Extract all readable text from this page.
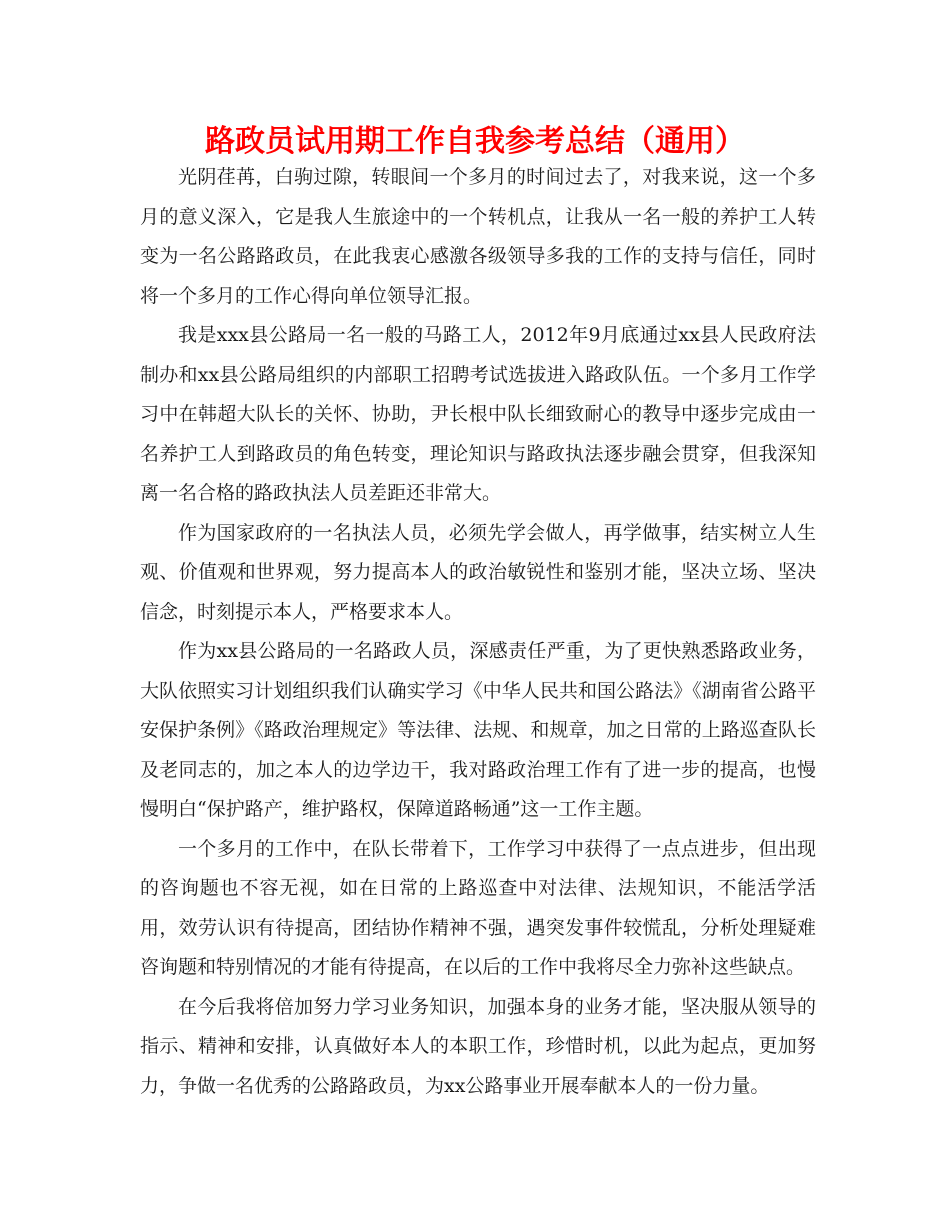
路政员试用期工作自我参考总结（通用）

光阴荏苒，白驹过隙，转眼间一个多月的时间过去了，对我来说，这一个多月的意义深入，它是我人生旅途中的一个转机点，让我从一名一般的养护工人转变为一名公路路政员，在此我衷心感激各级领导多我的工作的支持与信任，同时将一个多月的工作心得向单位领导汇报。

我是xxx县公路局一名一般的马路工人，2012年9月底通过xx县人民政府法制办和xx县公路局组织的内部职工招聘考试选拔进入路政队伍。一个多月工作学习中在韩超大队长的关怀、协助，尹长根中队长细致耐心的教导中逐步完成由一名养护工人到路政员的角色转变，理论知识与路政执法逐步融会贯穿，但我深知离一名合格的路政执法人员差距还非常大。

作为国家政府的一名执法人员，必须先学会做人，再学做事，结实树立人生观、价值观和世界观，努力提高本人的政治敏锐性和鉴别才能，坚决立场、坚决信念，时刻提示本人，严格要求本人。

作为xx县公路局的一名路政人员，深感责任严重，为了更快熟悉路政业务，大队依照实习计划组织我们认确实学习《中华人民共和国公路法》《湖南省公路平安保护条例》《路政治理规定》等法律、法规、和规章，加之日常的上路巡查队长及老同志的，加之本人的边学边干，我对路政治理工作有了进一步的提高，也慢慢明白“保护路产，维护路权，保障道路畅通”这一工作主题。

一个多月的工作中，在队长带着下，工作学习中获得了一点点进步，但出现的咨询题也不容无视，如在日常的上路巡查中对法律、法规知识，不能活学活用，效劳认识有待提高，团结协作精神不强，遇突发事件较慌乱，分析处理疑难咨询题和特别情况的才能有待提高，在以后的工作中我将尽全力弥补这些缺点。

在今后我将倍加努力学习业务知识，加强本身的业务才能，坚决服从领导的指示、精神和安排，认真做好本人的本职工作，珍惜时机，以此为起点，更加努力，争做一名优秀的公路路政员，为xx公路事业开展奉献本人的一份力量。
